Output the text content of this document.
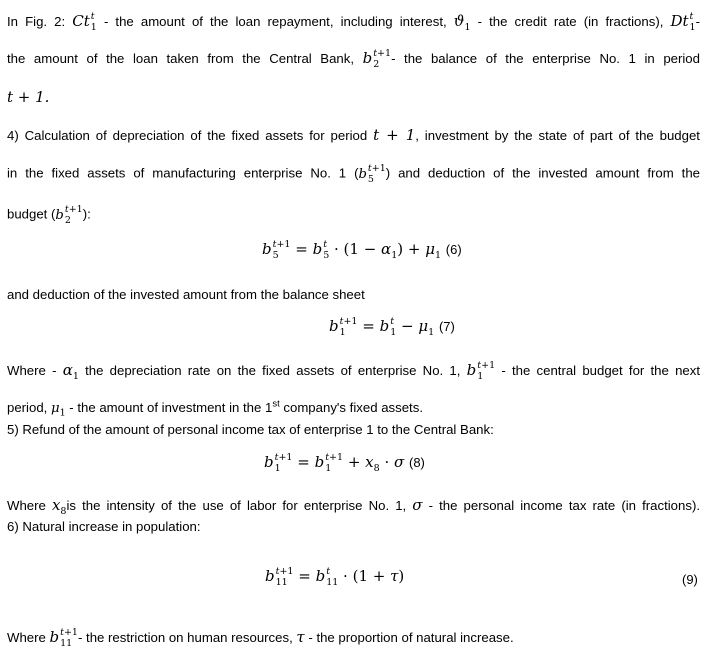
In Fig. 2: Ct t
1 - the amount of the loan repayment, including interest, $ϑ_1$ - the credit rate (in fractions), Dt t
1 -
the amount of the loan taken from the Central Bank, b t+1
2 - the balance of the enterprise No. 1 in period
t + 1.
4) Calculation of depreciation of the fixed assets for period t + 1, investment by the state of part of the budget
in the fixed assets of manufacturing enterprise No. 1 (b t+1
5 ) and deduction of the invested amount from the
budget (b t+1
2 ):
b t+1
5	= b t
$5 \cdot (1 - \alpha_1) + \mu_1$ (6)
and deduction of the invested amount from the balance sheet
b t+1
1	= b t
$1 - \mu_1$ (7)
Where - $\alpha_1$ the depreciation rate on the fixed assets of enterprise No. 1, b t+1
1 - the central budget for the next
period, $\mu_1$ - the amount of investment in the 1st company's fixed assets.
5) Refund of the amount of personal income tax of enterprise 1 to the Central Bank:
b t+1
1	= b t+1
1	+ $x_8 \cdot \sigma$ (8)
Where $x_8is$ the intensity of the use of labor for enterprise No. 1, σ - the personal income tax rate (in fractions).
6) Natural increase in population:
b t+1
11 = b t
11 · (1 + τ)	(9)
Where b t+1
11 - the restriction on human resources, τ - the proportion of natural increase.
